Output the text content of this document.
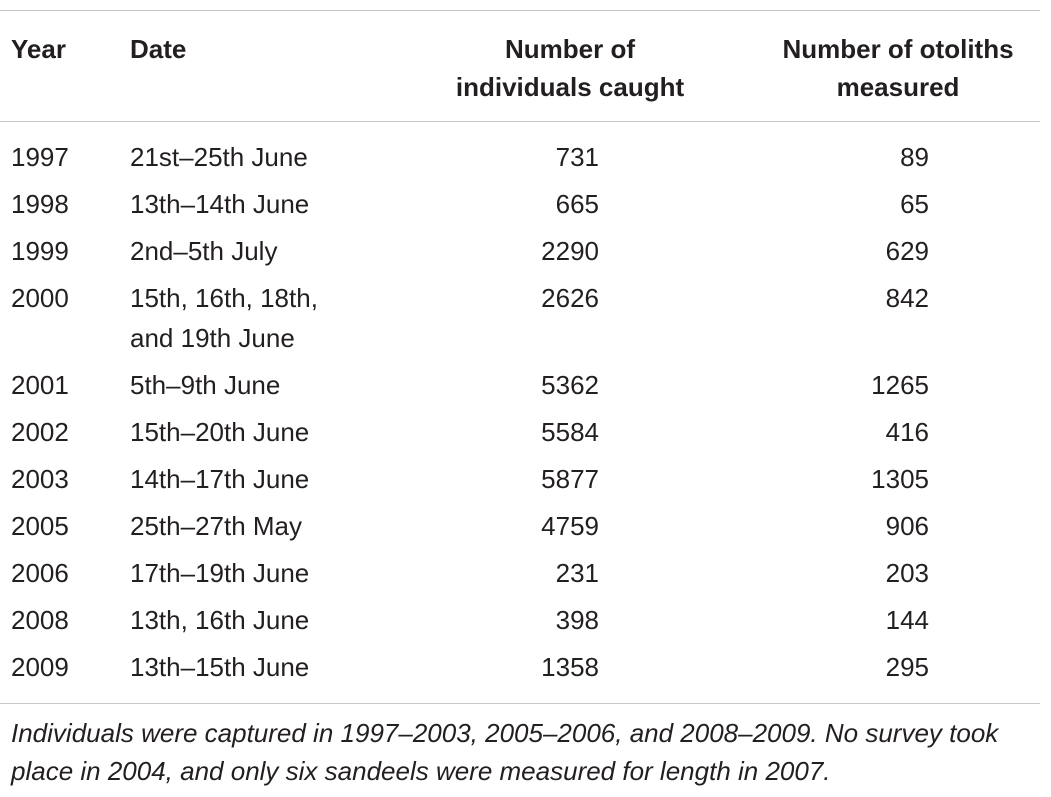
Year Date	Number of
individuals caught
Number of otoliths
measured
1997 21st–25th June	731	89
1998 13th–14th June	665	65
1999 2nd–5th July	2290	629
2000 15th, 16th, 18th,
and 19th June
2626	842
2001 5th–9th June	5362	1265
2002 15th–20th June	5584	416
2003 14th–17th June	5877	1305
2005 25th–27th May	4759	906
2006 17th–19th June	231	203
2008 13th, 16th June	398	144
2009 13th–15th June	1358	295
Individuals were captured in 1997–2003, 2005–2006, and 2008–2009. No survey took place in 2004, and only six sandeels were measured for length in 2007.
